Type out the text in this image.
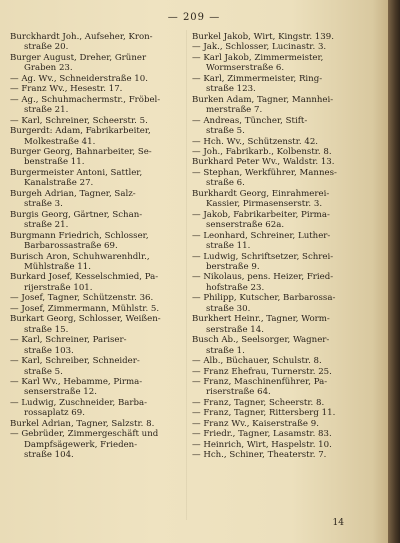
— 209 —
Burckhardt Joh., Aufseher, Kron-
straße 20.
Burger August, Dreher, Grüner
Graben 23.
— Ag. Wv., Schneiderstraße 10.
— Franz Wv., Hesestr. 17.
— Ag., Schuhmachermstr., Fröbel-
straße 21.
— Karl, Schreiner, Scheerstr. 5.
Burgerdt: Adam, Fabrikarbeiter,
Molkestraße 41.
Burger Georg, Bahnarbeiter, Se-
benstraße 11.
Burgermeister Antoni, Sattler,
Kanalstraße 27.
Burgeh Adrian, Tagner, Salz-
straße 3.
Burgis Georg, Gärtner, Schan-
straße 21.
Burgmann Friedrich, Schlosser,
Barbarossastraße 69.
Burisch Aron, Schuhwarenhdlr.,
Mühlstraße 11.
Burkard Josef, Kesselschmied, Pa-
rijerstraße 101.
— Josef, Tagner, Schützenstr. 36.
— Josef, Zimmermann, Mühlstr. 5.
Burkart Georg, Schlosser, Weißen-
straße 15.
— Karl, Schreiner, Pariser-
straße 103.
— Karl, Schreiber, Schneider-
straße 5.
— Karl Wv., Hebamme, Pirma-
senserstraße 12.
— Ludwig, Zuschneider, Barba-
rossaplatz 69.
Burkel Adrian, Tagner, Salzstr. 8.
— Gebrüder, Zimmergeschäft und
Dampfsägewerk, Frieden-
straße 104.
Burkel Jakob, Wirt, Kingstr. 139.
— Jak., Schlosser, Lucinastr. 3.
— Karl Jakob, Zimmermeister,
Wormserstraße 6.
— Karl, Zimmermeister, Ring-
straße 123.
Burken Adam, Tagner, Mannhei-
merstraße 7.
— Andreas, Tüncher, Stift-
straße 5.
— Hch. Wv., Schützenstr. 42.
— Joh., Fabrikarb., Kolbenstr. 8.
Burkhard Peter Wv., Waldstr. 13.
— Stephan, Werkführer, Mannes-
straße 6.
Burkhardt Georg, Einrahmerei-
Kassier, Pirmasenserstr. 3.
— Jakob, Fabrikarbeiter, Pirma-
senserstraße 62a.
— Leonhard, Schreiner, Luther-
straße 11.
— Ludwig, Schriftsetzer, Schrei-
berstraße 9.
— Nikolaus, pens. Heizer, Fried-
hofstraße 23.
— Philipp, Kutscher, Barbarossa-
straße 30.
Burkhert Heinr., Tagner, Worm-
serstraße 14.
Busch Ab., Seelsorger, Wagner-
straße 1.
— Alb., Büchauer, Schulstr. 8.
— Franz Ehefrau, Turnerstr. 25.
— Franz, Maschinenführer, Pa-
riserstraße 64.
— Franz, Tagner, Scheerstr. 8.
— Franz, Tagner, Rittersberg 11.
— Franz Wv., Kaiserstraße 9.
— Friedr., Tagner, Lasamstr. 83.
— Heinrich, Wirt, Haspelstr. 10.
— Hch., Schiner, Theaterstr. 7.
14
